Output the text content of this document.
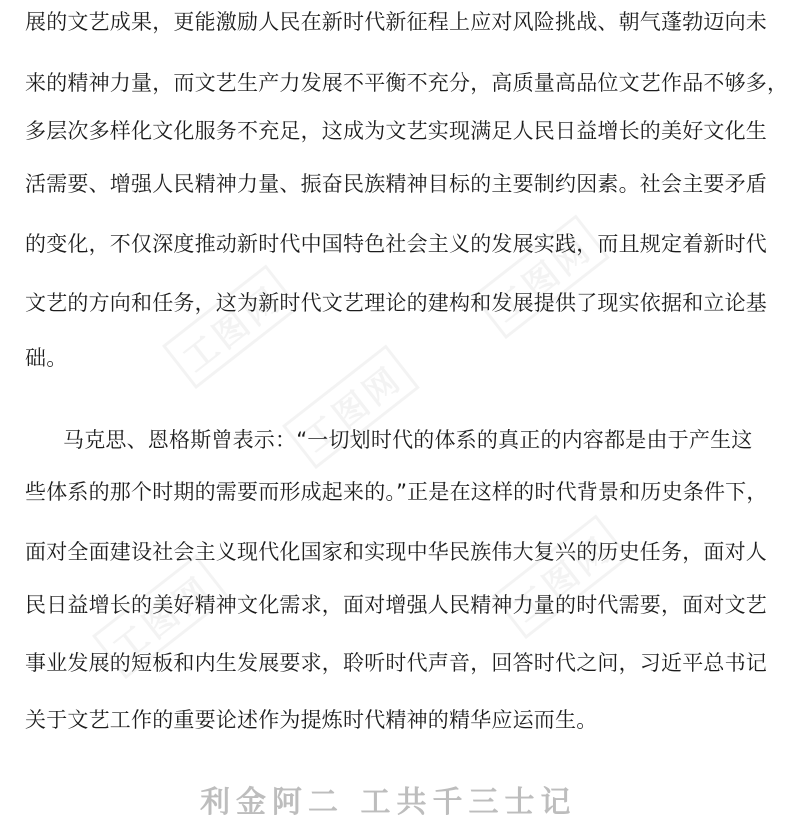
展的文艺成果，更能激励人民在新时代新征程上应对风险挑战、朝气蓬勃迈向未
来的精神力量，而文艺生产力发展不平衡不充分，高质量高品位文艺作品不够多，
多层次多样化文化服务不充足，这成为文艺实现满足人民日益增长的美好文化生
活需要、增强人民精神力量、振奋民族精神目标的主要制约因素。社会主要矛盾
的变化，不仅深度推动新时代中国特色社会主义的发展实践，而且规定着新时代
文艺的方向和任务，这为新时代文艺理论的建构和发展提供了现实依据和立论基
础。
马克思、恩格斯曾表示：“一切划时代的体系的真正的内容都是由于产生这
些体系的那个时期的需要而形成起来的。”正是在这样的时代背景和历史条件下，
面对全面建设社会主义现代化国家和实现中华民族伟大复兴的历史任务，面对人
民日益增长的美好精神文化需求，面对增强人民精神力量的时代需要，面对文艺
事业发展的短板和内生发展要求，聆听时代声音，回答时代之问，习近平总书记
关于文艺工作的重要论述作为提炼时代精神的精华应运而生。
利金阿二 工共千三士记
工图网	工图网
工图网
工图网	工图网
